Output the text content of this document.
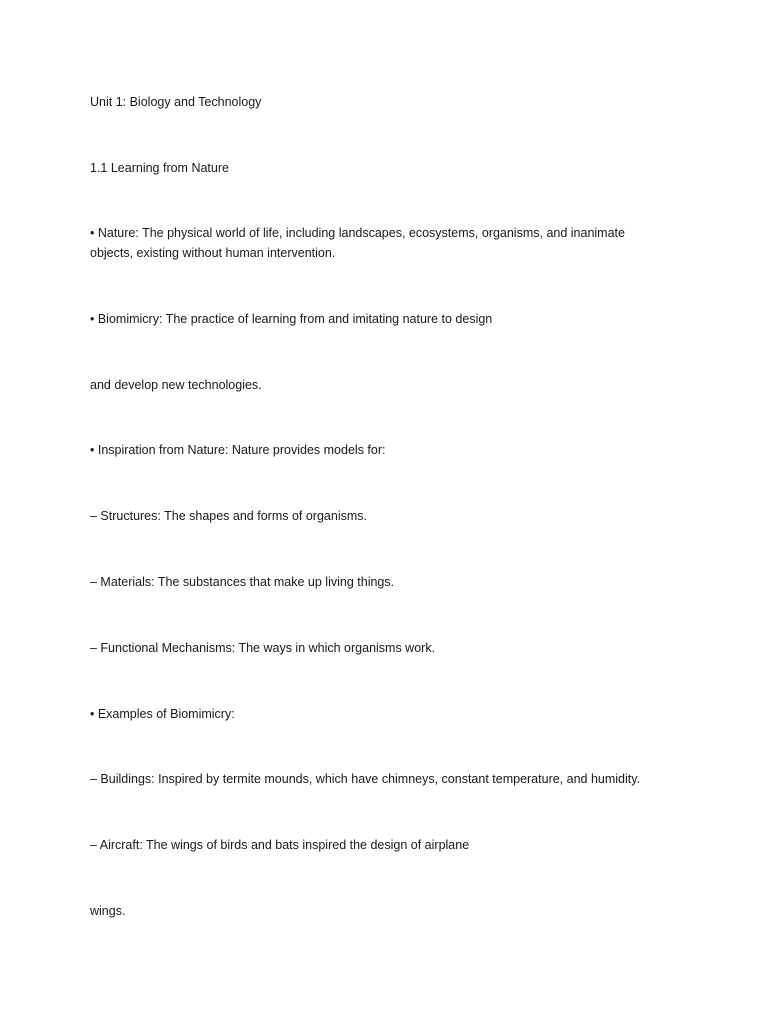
Unit 1: Biology and Technology
1.1 Learning from Nature
• Nature: The physical world of life, including landscapes, ecosystems, organisms, and inanimate objects, existing without human intervention.
• Biomimicry: The practice of learning from and imitating nature to design
and develop new technologies.
• Inspiration from Nature: Nature provides models for:
– Structures: The shapes and forms of organisms.
– Materials: The substances that make up living things.
– Functional Mechanisms: The ways in which organisms work.
• Examples of Biomimicry:
– Buildings: Inspired by termite mounds, which have chimneys, constant temperature, and humidity.
– Aircraft: The wings of birds and bats inspired the design of airplane
wings.
